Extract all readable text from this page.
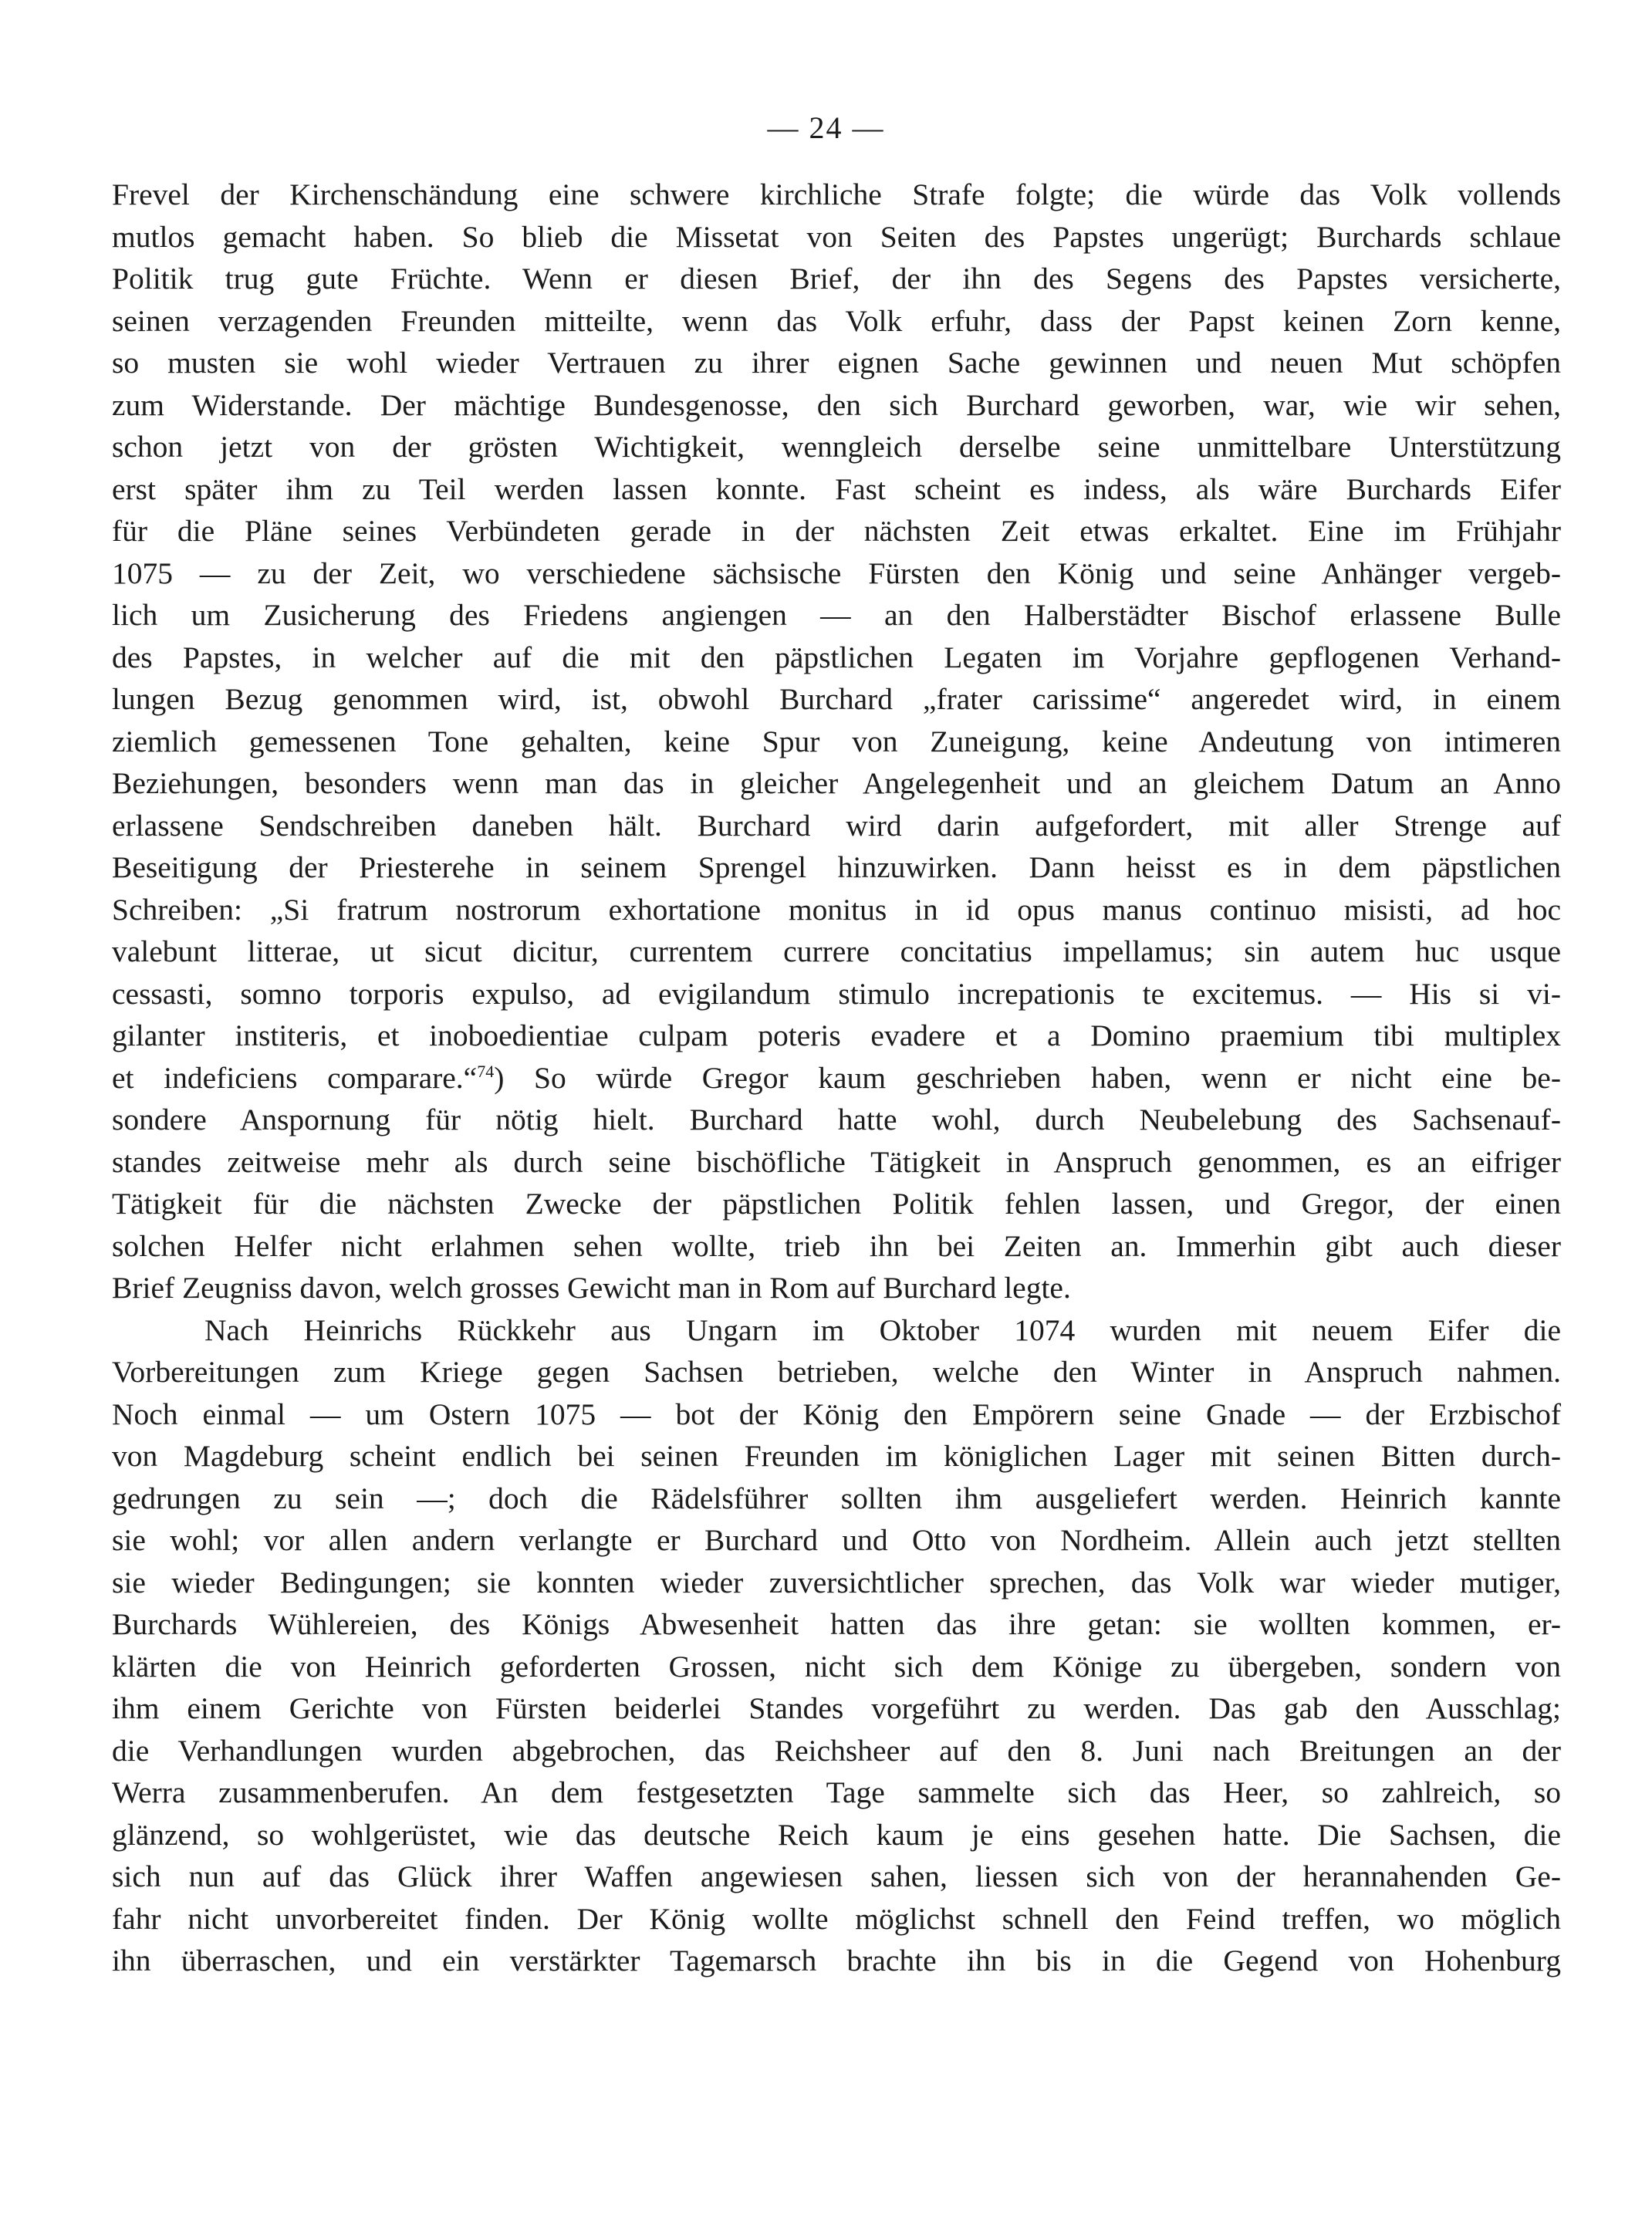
— 24 —
Frevel der Kirchenschändung eine schwere kirchliche Strafe folgte; die würde das Volk vollends
mutlos gemacht haben. So blieb die Missetat von Seiten des Papstes ungerügt; Burchards schlaue
Politik trug gute Früchte. Wenn er diesen Brief, der ihn des Segens des Papstes versicherte,
seinen verzagenden Freunden mitteilte, wenn das Volk erfuhr, dass der Papst keinen Zorn kenne,
so musten sie wohl wieder Vertrauen zu ihrer eignen Sache gewinnen und neuen Mut schöpfen
zum Widerstande. Der mächtige Bundesgenosse, den sich Burchard geworben, war, wie wir sehen,
schon jetzt von der grösten Wichtigkeit, wenngleich derselbe seine unmittelbare Unterstützung
erst später ihm zu Teil werden lassen konnte. Fast scheint es indess, als wäre Burchards Eifer
für die Pläne seines Verbündeten gerade in der nächsten Zeit etwas erkaltet. Eine im Frühjahr
1075 — zu der Zeit, wo verschiedene sächsische Fürsten den König und seine Anhänger vergeb-
lich um Zusicherung des Friedens angiengen — an den Halberstädter Bischof erlassene Bulle
des Papstes, in welcher auf die mit den päpstlichen Legaten im Vorjahre gepflogenen Verhand-
lungen Bezug genommen wird, ist, obwohl Burchard „frater carissime“ angeredet wird, in einem
ziemlich gemessenen Tone gehalten, keine Spur von Zuneigung, keine Andeutung von intimeren
Beziehungen, besonders wenn man das in gleicher Angelegenheit und an gleichem Datum an Anno
erlassene Sendschreiben daneben hält. Burchard wird darin aufgefordert, mit aller Strenge auf
Beseitigung der Priesterehe in seinem Sprengel hinzuwirken. Dann heisst es in dem päpstlichen
Schreiben: „Si fratrum nostrorum exhortatione monitus in id opus manus continuo misisti, ad hoc
valebunt litterae, ut sicut dicitur, currentem currere concitatius impellamus; sin autem huc usque
cessasti, somno torporis expulso, ad evigilandum stimulo increpationis te excitemus. — His si vi-
gilanter institeris, et inoboedientiae culpam poteris evadere et a Domino praemium tibi multiplex
et indeficiens comparare.“$^{74}$) So würde Gregor kaum geschrieben haben, wenn er nicht eine be-
sondere Anspornung für nötig hielt. Burchard hatte wohl, durch Neubelebung des Sachsenauf-
standes zeitweise mehr als durch seine bischöfliche Tätigkeit in Anspruch genommen, es an eifriger
Tätigkeit für die nächsten Zwecke der päpstlichen Politik fehlen lassen, und Gregor, der einen
solchen Helfer nicht erlahmen sehen wollte, trieb ihn bei Zeiten an. Immerhin gibt auch dieser
Brief Zeugniss davon, welch grosses Gewicht man in Rom auf Burchard legte.
Nach Heinrichs Rückkehr aus Ungarn im Oktober 1074 wurden mit neuem Eifer die
Vorbereitungen zum Kriege gegen Sachsen betrieben, welche den Winter in Anspruch nahmen.
Noch einmal — um Ostern 1075 — bot der König den Empörern seine Gnade — der Erzbischof
von Magdeburg scheint endlich bei seinen Freunden im königlichen Lager mit seinen Bitten durch-
gedrungen zu sein —; doch die Rädelsführer sollten ihm ausgeliefert werden. Heinrich kannte
sie wohl; vor allen andern verlangte er Burchard und Otto von Nordheim. Allein auch jetzt stellten
sie wieder Bedingungen; sie konnten wieder zuversichtlicher sprechen, das Volk war wieder mutiger,
Burchards Wühlereien, des Königs Abwesenheit hatten das ihre getan: sie wollten kommen, er-
klärten die von Heinrich geforderten Grossen, nicht sich dem Könige zu übergeben, sondern von
ihm einem Gerichte von Fürsten beiderlei Standes vorgeführt zu werden. Das gab den Ausschlag;
die Verhandlungen wurden abgebrochen, das Reichsheer auf den 8. Juni nach Breitungen an der
Werra zusammenberufen. An dem festgesetzten Tage sammelte sich das Heer, so zahlreich, so
glänzend, so wohlgerüstet, wie das deutsche Reich kaum je eins gesehen hatte. Die Sachsen, die
sich nun auf das Glück ihrer Waffen angewiesen sahen, liessen sich von der herannahenden Ge-
fahr nicht unvorbereitet finden. Der König wollte möglichst schnell den Feind treffen, wo möglich
ihn überraschen, und ein verstärkter Tagemarsch brachte ihn bis in die Gegend von Hohenburg
